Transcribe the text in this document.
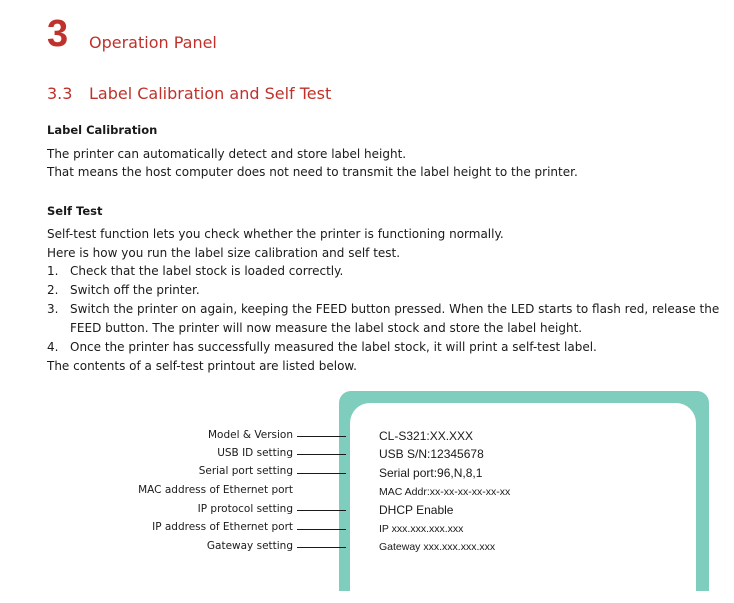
3 Operation Panel
3.3 Label Calibration and Self Test
Label Calibration
The printer can automatically detect and store label height.
That means the host computer does not need to transmit the label height to the printer.
Self Test
Self-test function lets you check whether the printer is functioning normally.
Here is how you run the label size calibration and self test.
1. Check that the label stock is loaded correctly.
2. Switch off the printer.
3. Switch the printer on again, keeping the FEED button pressed. When the LED starts to flash red, release the FEED button. The printer will now measure the label stock and store the label height.
4. Once the printer has successfully measured the label stock, it will print a self-test label.
The contents of a self-test printout are listed below.
Model & Version	CL-S321:XX.XXX
USB ID setting	USB S/N:12345678
Serial port setting	Serial port:96,N,8,1
MAC address of Ethernet port	MAC Addr:xx-xx-xx-xx-xx-xx
IP protocol setting	DHCP Enable
IP address of Ethernet port	IP xxx.xxx.xxx.xxx
Gateway setting	Gateway xxx.xxx.xxx.xxx
